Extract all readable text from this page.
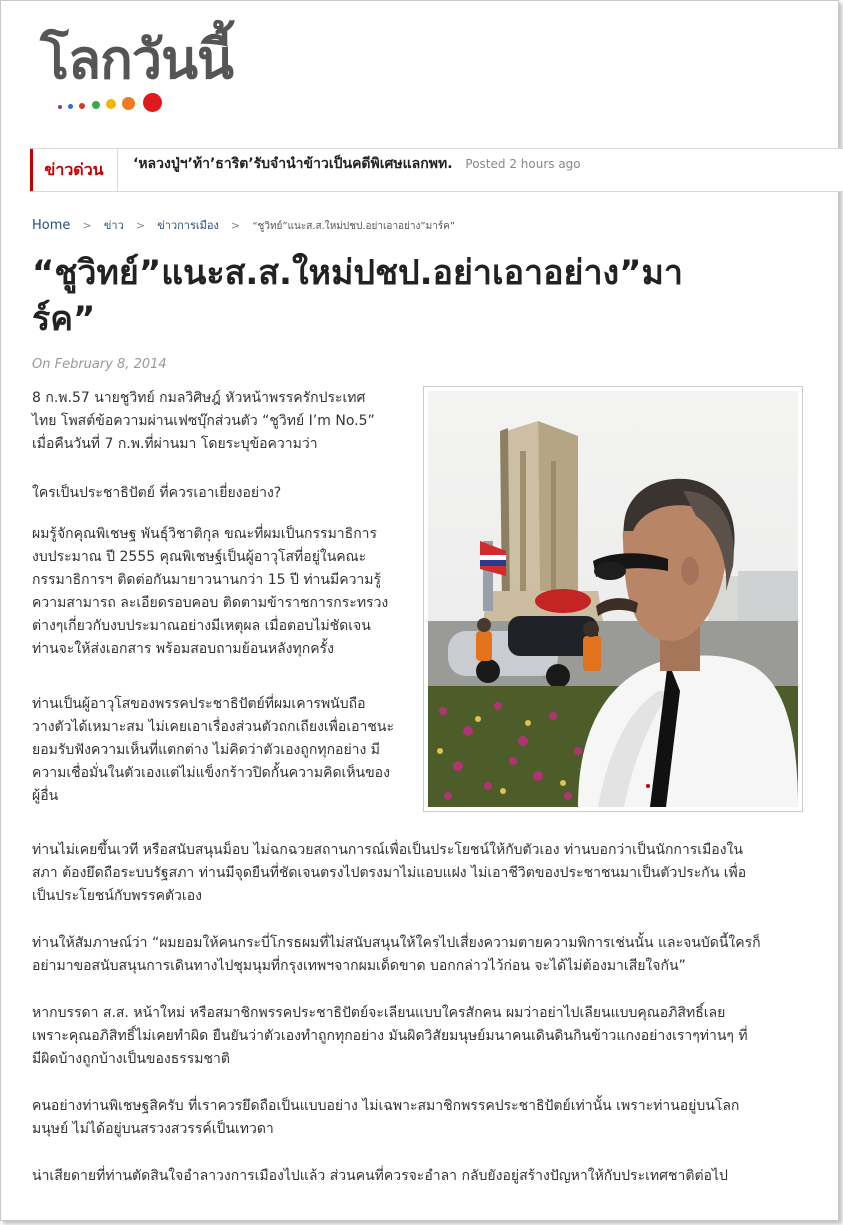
โลกวันนี้
ข่าวด่วน	‘หลวงปู่ฯ’ท้า’ธาริต’รับจำนำข้าวเป็นคดีพิเศษแลกพท. Posted 2 hours ago
Home > ข่าว > ข่าวการเมือง > “ชูวิทย์”แนะส.ส.ใหม่ปชป.อย่าเอาอย่าง”มาร์ค”
“ชูวิทย์”แนะส.ส.ใหม่ปชป.อย่าเอาอย่าง”มา
ร์ค”
On February 8, 2014
8 ก.พ.57 นายชูวิทย์ กมลวิศิษฎ์ หัวหน้าพรรครักประเทศ
ไทย โพสต์ข้อความผ่านเฟซบุ๊กส่วนตัว “ชูวิทย์ I’m No.5”
เมื่อคืนวันที่ 7 ก.พ.ที่ผ่านมา โดยระบุข้อความว่า
ใครเป็นประชาธิปัตย์ ที่ควรเอาเยี่ยงอย่าง?
ผมรู้จักคุณพิเชษฐ พันธุ์วิชาติกุล ขณะที่ผมเป็นกรรมาธิการ
งบประมาณ ปี 2555 คุณพิเชษฐ์เป็นผู้อาวุโสที่อยู่ในคณะ
กรรมาธิการฯ ติดต่อกันมายาวนานกว่า 15 ปี ท่านมีความรู้
ความสามารถ ละเอียดรอบคอบ ติดตามข้าราชการกระทรวง
ต่างๆเกี่ยวกับงบประมาณอย่างมีเหตุผล เมื่อตอบไม่ชัดเจน
ท่านจะให้ส่งเอกสาร พร้อมสอบถามย้อนหลังทุกครั้ง
ท่านเป็นผู้อาวุโสของพรรคประชาธิปัตย์ที่ผมเคารพนับถือ
วางตัวได้เหมาะสม ไม่เคยเอาเรื่องส่วนตัวถกเถียงเพื่อเอาชนะ
ยอมรับฟังความเห็นที่แตกต่าง ไม่คิดว่าตัวเองถูกทุกอย่าง มี
ความเชื่อมั่นในตัวเองแต่ไม่แข็งกร้าวปิดกั้นความคิดเห็นของ
ผู้อื่น
ท่านไม่เคยขึ้นเวที หรือสนับสนุนม็อบ ไม่ฉกฉวยสถานการณ์เพื่อเป็นประโยชน์ให้กับตัวเอง ท่านบอกว่าเป็นนักการเมืองใน
สภา ต้องยึดถือระบบรัฐสภา ท่านมีจุดยืนที่ชัดเจนตรงไปตรงมาไม่แอบแฝง ไม่เอาชีวิตของประชาชนมาเป็นตัวประกัน เพื่อ
เป็นประโยชน์กับพรรคตัวเอง
ท่านให้สัมภาษณ์ว่า “ผมยอมให้คนกระบี่โกรธผมที่ไม่สนับสนุนให้ใครไปเสี่ยงความตายความพิการเช่นนั้น และจนบัดนี้ใครก็
อย่ามาขอสนับสนุนการเดินทางไปชุมนุมที่กรุงเทพฯจากผมเด็ดขาด บอกกล่าวไว้ก่อน จะได้ไม่ต้องมาเสียใจกัน”
หากบรรดา ส.ส. หน้าใหม่ หรือสมาชิกพรรคประชาธิปัตย์จะเลียนแบบใครสักคน ผมว่าอย่าไปเลียนแบบคุณอภิสิทธิ์เลย
เพราะคุณอภิสิทธิ์ไม่เคยทำผิด ยืนยันว่าตัวเองทำถูกทุกอย่าง มันผิดวิสัยมนุษย์มนาคนเดินดินกินข้าวแกงอย่างเราๆท่านๆ ที่
มีผิดบ้างถูกบ้างเป็นของธรรมชาติ
คนอย่างท่านพิเชษฐสิครับ ที่เราควรยึดถือเป็นแบบอย่าง ไม่เฉพาะสมาชิกพรรคประชาธิปัตย์เท่านั้น เพราะท่านอยู่บนโลก
มนุษย์ ไม่ได้อยู่บนสรวงสวรรค์เป็นเทวดา
น่าเสียดายที่ท่านตัดสินใจอำลาวงการเมืองไปแล้ว ส่วนคนที่ควรจะอำลา กลับยังอยู่สร้างปัญหาให้กับประเทศชาติต่อไป
